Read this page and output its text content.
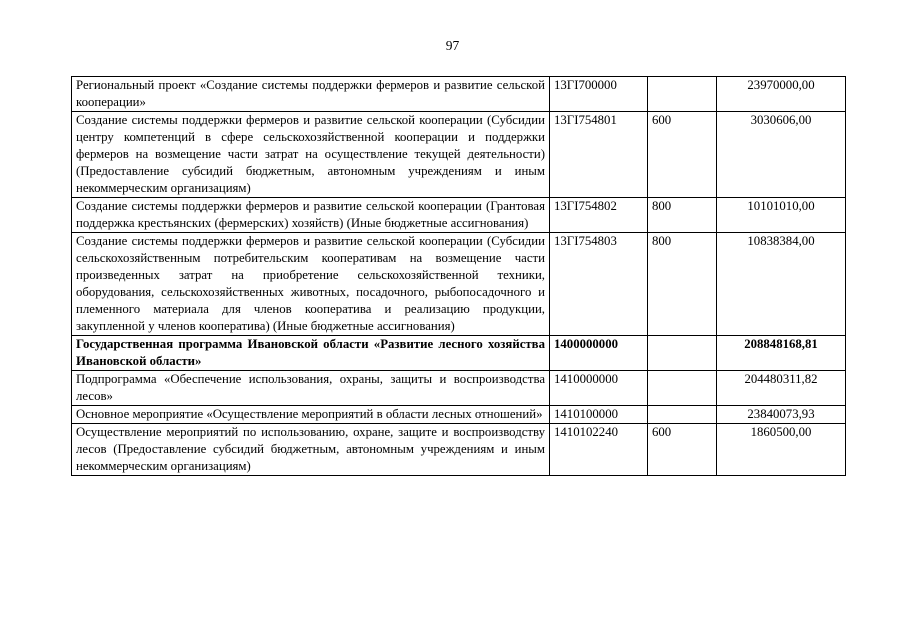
97
Региональный проект «Создание системы поддержки фермеров и развитие сельской кооперации»	13ГI700000		23970000,00
Создание системы поддержки фермеров и развитие сельской кооперации (Субсидии центру компетенций в сфере сельскохозяйственной кооперации и поддержки фермеров на возмещение части затрат на осуществление текущей деятельности) (Предоставление субсидий бюджетным, автономным учреждениям и иным некоммерческим организациям)	13ГI754801	600	3030606,00
Создание системы поддержки фермеров и развитие сельской кооперации (Грантовая поддержка крестьянских (фермерских) хозяйств) (Иные бюджетные ассигнования)	13ГI754802	800	10101010,00
Создание системы поддержки фермеров и развитие сельской кооперации (Субсидии сельскохозяйственным потребительским кооперативам на возмещение части произведенных затрат на приобретение сельскохозяйственной техники, оборудования, сельскохозяйственных животных, посадочного, рыбопосадочного и племенного материала для членов кооператива и реализацию продукции, закупленной у членов кооператива) (Иные бюджетные ассигнования)	13ГI754803	800	10838384,00
Государственная программа Ивановской области «Развитие лесного хозяйства Ивановской области»	1400000000		208848168,81
Подпрограмма «Обеспечение использования, охраны, защиты и воспроизводства лесов»	1410000000		204480311,82
Основное мероприятие «Осуществление мероприятий в области лесных отношений»	1410100000		23840073,93
Осуществление мероприятий по использованию, охране, защите и воспроизводству лесов (Предоставление субсидий бюджетным, автономным учреждениям и иным некоммерческим организациям)	1410102240	600	1860500,00
